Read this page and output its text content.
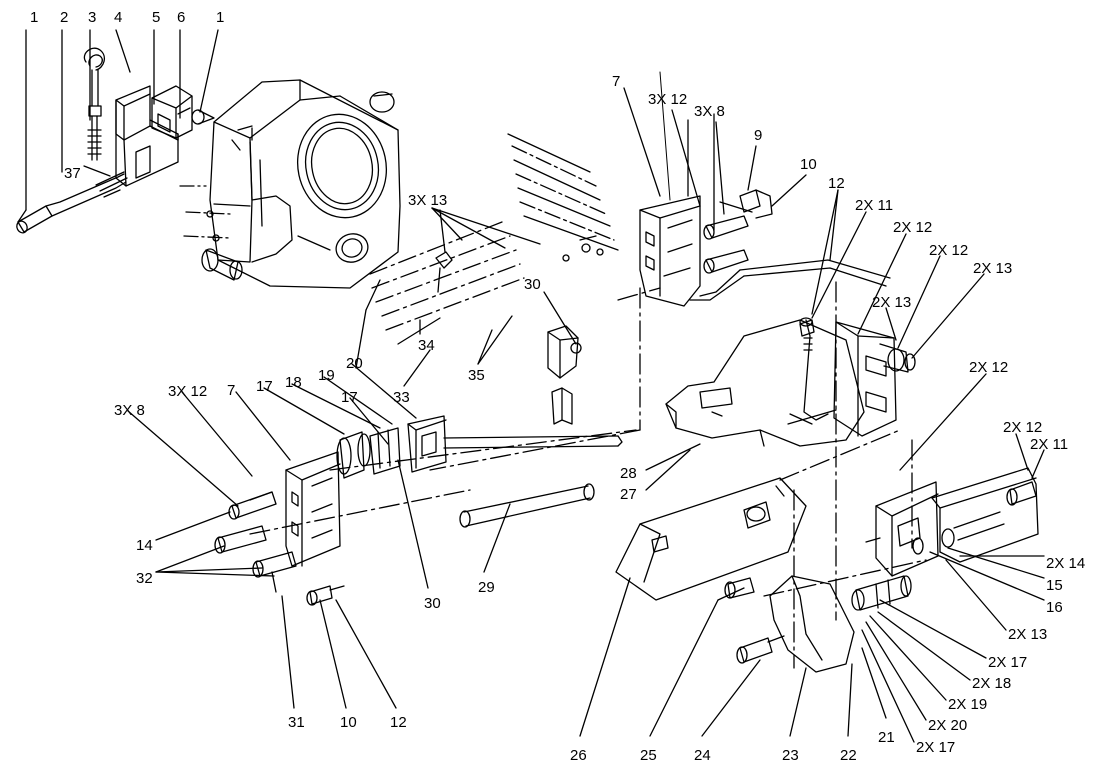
1 2 3 4 5 6 1
37
3X 13
7
3X 12
3X 8
9
10
12
2X 11
2X 12
2X 12
2X 13
2X 13
30
34
35
33
20
19
18
17
17
7
3X 12
3X 8
2X 12
2X 12
2X 11
28
27
14
32
30
29
2X 14
15
16
2X 13
2X 17
2X 18
2X 19
2X 20
2X 17
21
22
23
24
25
26
31 10 12
